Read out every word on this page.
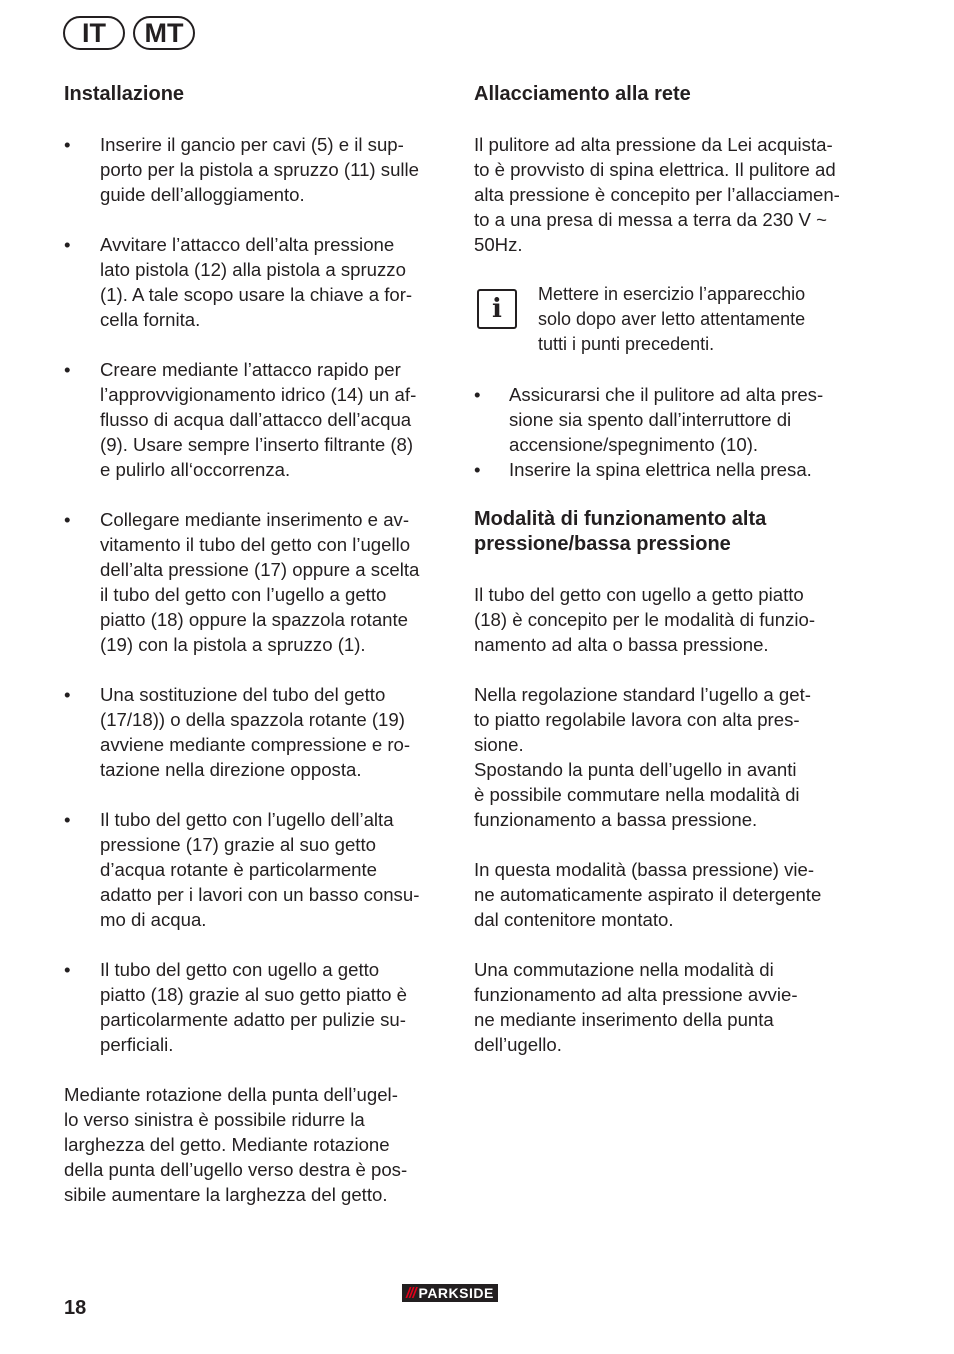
IT	MT
Installazione
• Inserire il gancio per cavi (5) e il sup-
porto per la pistola a spruzzo (11) sulle
guide dell’alloggiamento.
• Avvitare l’attacco dell’alta pressione
lato pistola (12) alla pistola a spruzzo
(1). A tale scopo usare la chiave a for-
cella fornita.
• Creare mediante l’attacco rapido per
l’approvvigionamento idrico (14) un af-
flusso di acqua dall’attacco dell’acqua
(9). Usare sempre l’inserto filtrante (8)
e pulirlo all‘occorrenza.
• Collegare mediante inserimento e av-
vitamento il tubo del getto con l’ugello
dell’alta pressione (17) oppure a scelta
il tubo del getto con l’ugello a getto
piatto (18) oppure la spazzola rotante
(19) con la pistola a spruzzo (1).
• Una sostituzione del tubo del getto
(17/18)) o della spazzola rotante (19)
avviene mediante compressione e ro-
tazione nella direzione opposta.
• Il tubo del getto con l’ugello dell’alta
pressione (17) grazie al suo getto
d’acqua rotante è particolarmente
adatto per i lavori con un basso consu-
mo di acqua.
• Il tubo del getto con ugello a getto
piatto (18) grazie al suo getto piatto è
particolarmente adatto per pulizie su-
perficiali.

Mediante rotazione della punta dell’ugel-
lo verso sinistra è possibile ridurre la
larghezza del getto. Mediante rotazione
della punta dell’ugello verso destra è pos-
sibile aumentare la larghezza del getto.

Allacciamento alla rete

Il pulitore ad alta pressione da Lei acquista-
to è provvisto di spina elettrica. Il pulitore ad
alta pressione è concepito per l’allacciamen-
to a una presa di messa a terra da 230 V ~
50Hz.

i	Mettere in esercizio l’apparecchio
solo dopo aver letto attentamente
tutti i punti precedenti.

• Assicurarsi che il pulitore ad alta pres-
sione sia spento dall’interruttore di
accensione/spegnimento (10).
• Inserire la spina elettrica nella presa.
Modalità di funzionamento alta
pressione/bassa pressione

Il tubo del getto con ugello a getto piatto
(18) è concepito per le modalità di funzio-
namento ad alta o bassa pressione.

Nella regolazione standard l’ugello a get-
to piatto regolabile lavora con alta pres-
sione.
Spostando la punta dell’ugello in avanti
è possibile commutare nella modalità di
funzionamento a bassa pressione.

In questa modalità (bassa pressione) vie-
ne automaticamente aspirato il detergente
dal contenitore montato.

Una commutazione nella modalità di
funzionamento ad alta pressione avvie-
ne mediante inserimento della punta
dell’ugello.

18
/// PARKSIDE
